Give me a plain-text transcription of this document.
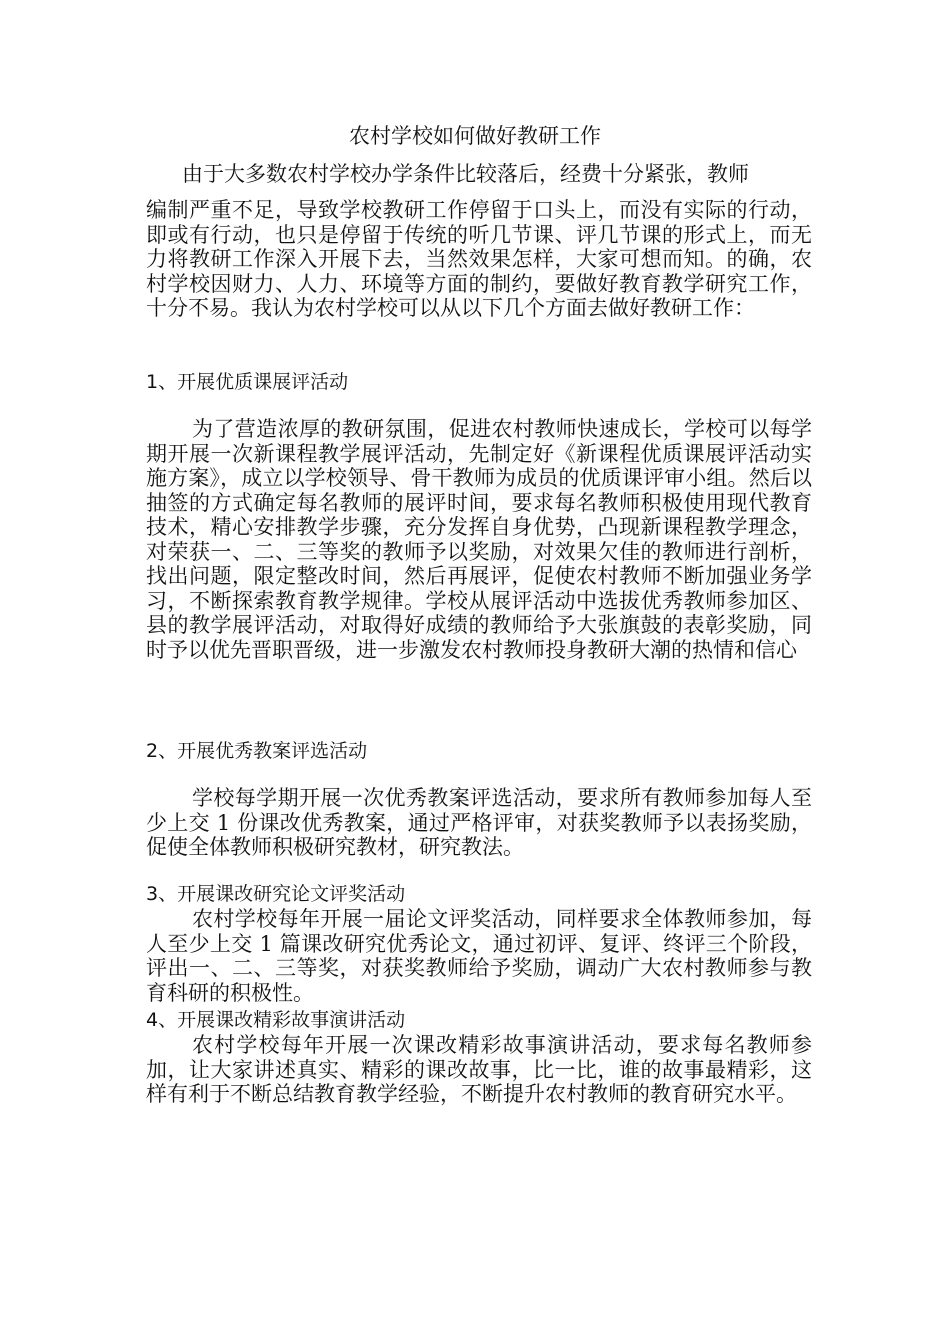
农村学校如何做好教研工作

由于大多数农村学校办学条件比较落后，经费十分紧张，教师

编制严重不足，导致学校教研工作停留于口头上，而没有实际的行动，即或有行动，也只是停留于传统的听几节课、评几节课的形式上，而无力将教研工作深入开展下去，当然效果怎样，大家可想而知。的确，农村学校因财力、人力、环境等方面的制约，要做好教育教学研究工作，十分不易。我认为农村学校可以从以下几个方面去做好教研工作：

1、开展优质课展评活动

为了营造浓厚的教研氛围，促进农村教师快速成长，学校可以每学期开展一次新课程教学展评活动，先制定好《新课程优质课展评活动实施方案》，成立以学校领导、骨干教师为成员的优质课评审小组。然后以抽签的方式确定每名教师的展评时间，要求每名教师积极使用现代教育技术，精心安排教学步骤，充分发挥自身优势，凸现新课程教学理念，对荣获一、二、三等奖的教师予以奖励，对效果欠佳的教师进行剖析，找出问题，限定整改时间，然后再展评，促使农村教师不断加强业务学习，不断探索教育教学规律。学校从展评活动中选拔优秀教师参加区、县的教学展评活动，对取得好成绩的教师给予大张旗鼓的表彰奖励，同时予以优先晋职晋级，进一步激发农村教师投身教研大潮的热情和信心

2、开展优秀教案评选活动

学校每学期开展一次优秀教案评选活动，要求所有教师参加每人至少上交 1 份课改优秀教案，通过严格评审，对获奖教师予以表扬奖励，促使全体教师积极研究教材，研究教法。

3、开展课改研究论文评奖活动

农村学校每年开展一届论文评奖活动，同样要求全体教师参加，每人至少上交 1 篇课改研究优秀论文，通过初评、复评、终评三个阶段，评出一、二、三等奖，对获奖教师给予奖励，调动广大农村教师参与教育科研的积极性。

4、开展课改精彩故事演讲活动

农村学校每年开展一次课改精彩故事演讲活动，要求每名教师参加，让大家讲述真实、精彩的课改故事，比一比，谁的故事最精彩，这样有利于不断总结教育教学经验，不断提升农村教师的教育研究水平。
